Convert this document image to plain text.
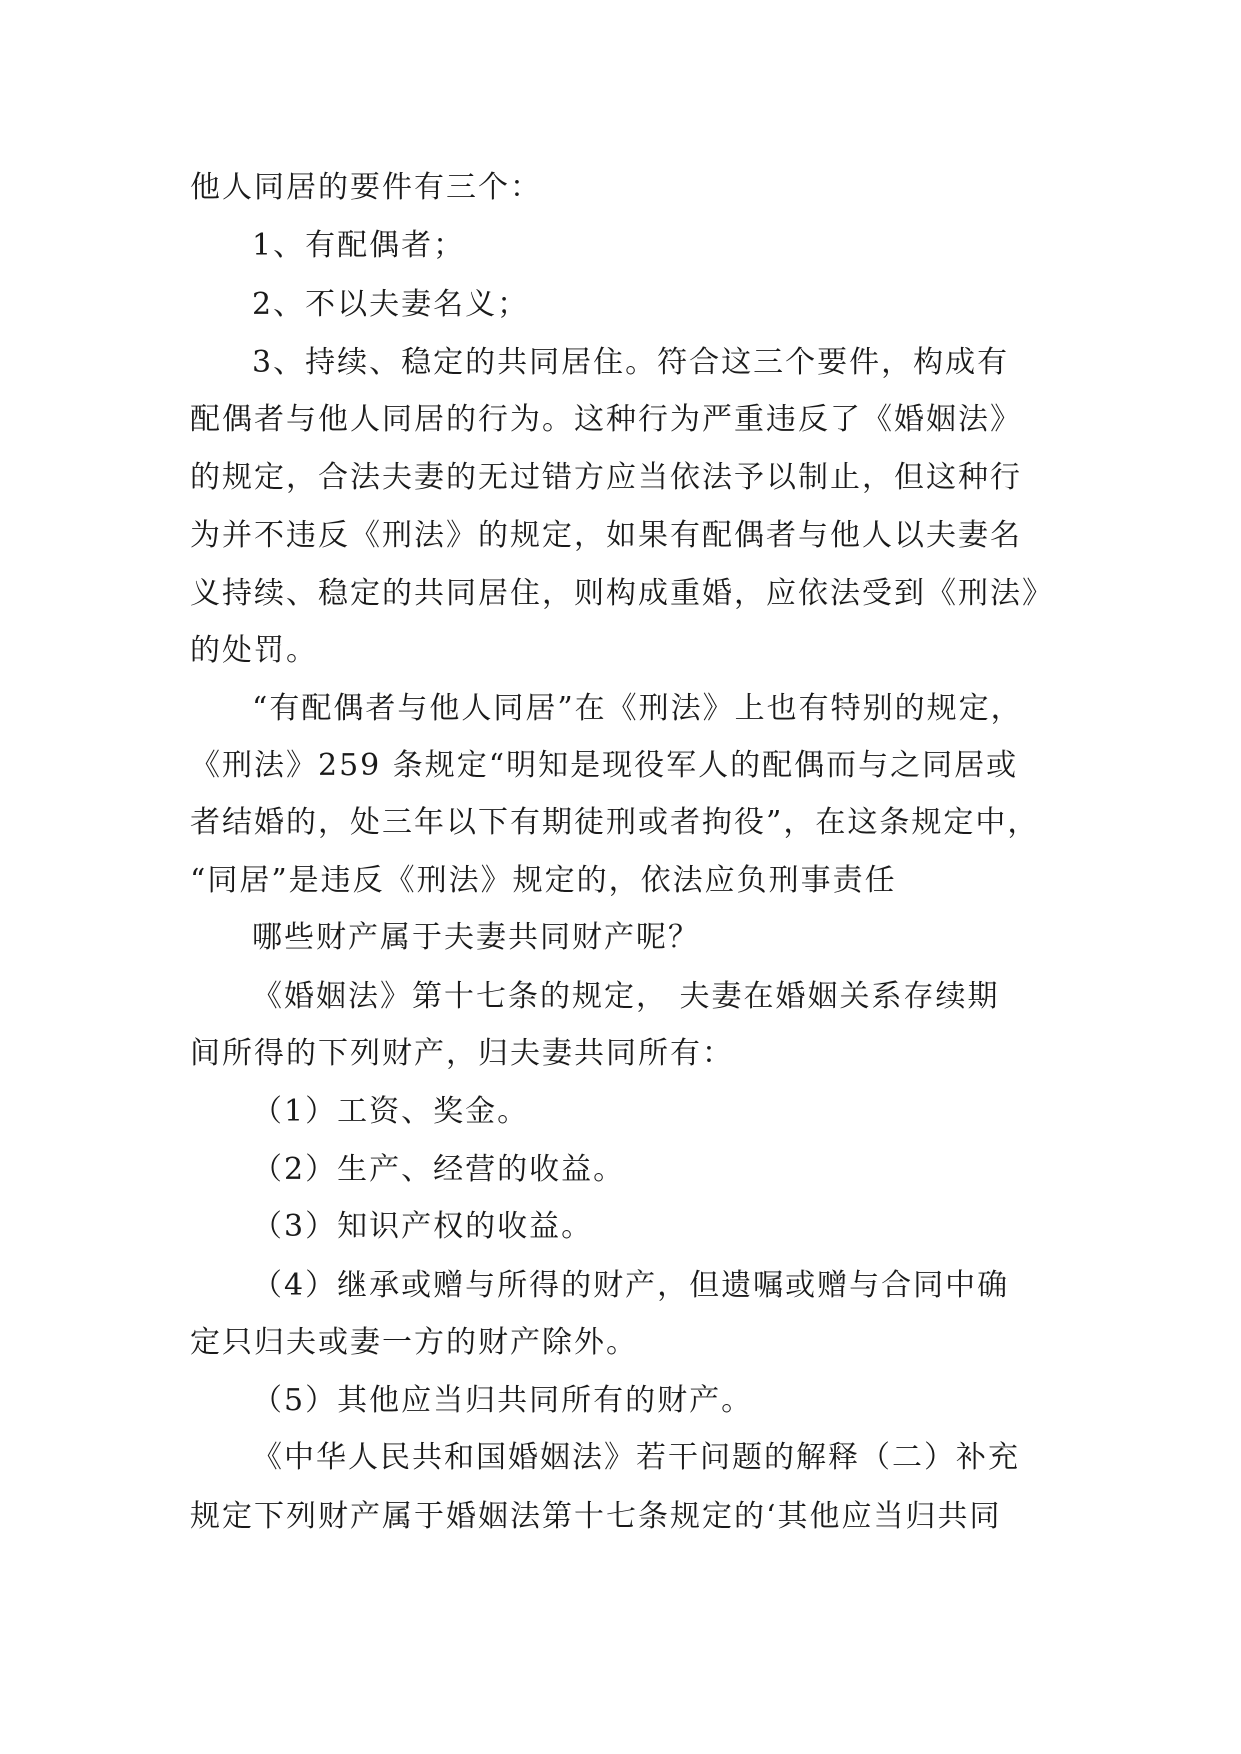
他人同居的要件有三个：
1、有配偶者；
2、不以夫妻名义；
3、持续、稳定的共同居住。符合这三个要件，构成有
配偶者与他人同居的行为。这种行为严重违反了《婚姻法》
的规定，合法夫妻的无过错方应当依法予以制止，但这种行
为并不违反《刑法》的规定，如果有配偶者与他人以夫妻名
义持续、稳定的共同居住，则构成重婚，应依法受到《刑法》
的处罚。
“有配偶者与他人同居”在《刑法》上也有特别的规定，
《刑法》259 条规定“明知是现役军人的配偶而与之同居或
者结婚的，处三年以下有期徒刑或者拘役”，在这条规定中，
“同居”是违反《刑法》规定的，依法应负刑事责任
哪些财产属于夫妻共同财产呢？
《婚姻法》第十七条的规定， 夫妻在婚姻关系存续期
间所得的下列财产，归夫妻共同所有：
（1）工资、奖金。
（2）生产、经营的收益。
（3）知识产权的收益。
（4）继承或赠与所得的财产，但遗嘱或赠与合同中确
定只归夫或妻一方的财产除外。
（5）其他应当归共同所有的财产。
《中华人民共和国婚姻法》若干问题的解释（二）补充
规定下列财产属于婚姻法第十七条规定的‘其他应当归共同
